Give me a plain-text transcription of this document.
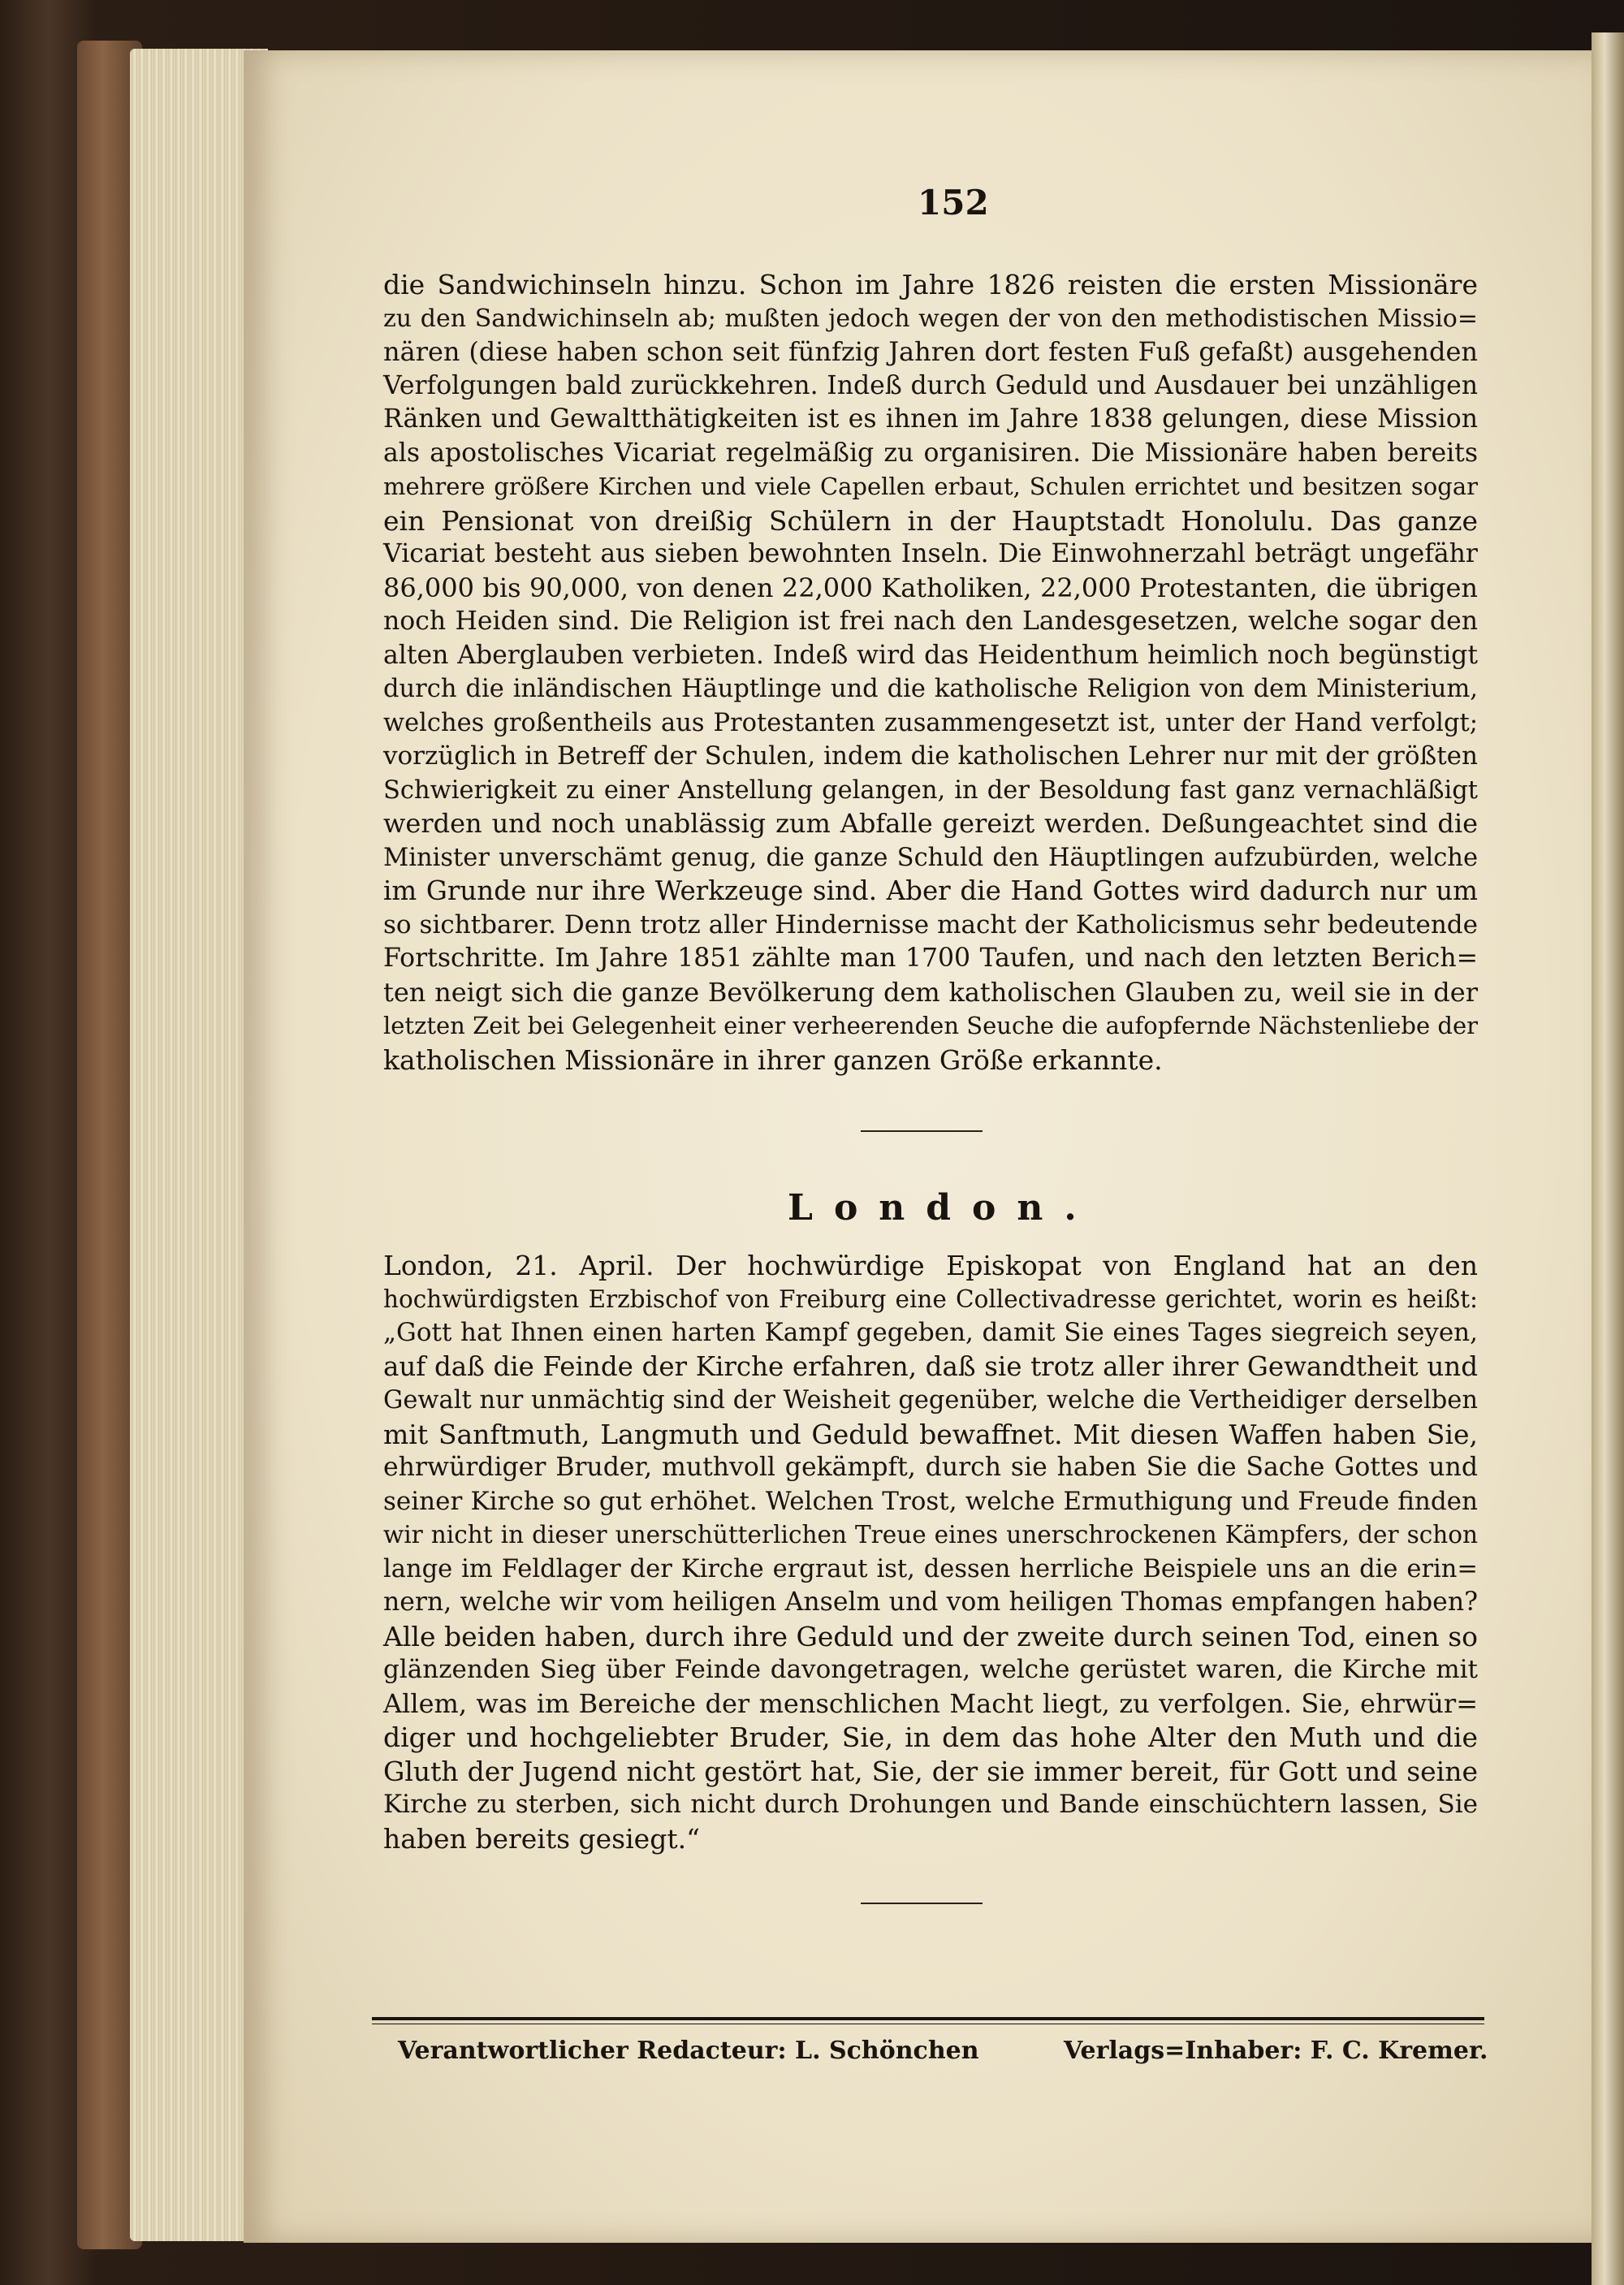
152
die Sandwichinseln hinzu. Schon im Jahre 1826 reisten die ersten Missionäre
zu den Sandwichinseln ab; mußten jedoch wegen der von den methodistischen Missio=
nären (diese haben schon seit fünfzig Jahren dort festen Fuß gefaßt) ausgehenden
Verfolgungen bald zurückkehren. Indeß durch Geduld und Ausdauer bei unzähligen
Ränken und Gewaltthätigkeiten ist es ihnen im Jahre 1838 gelungen, diese Mission
als apostolisches Vicariat regelmäßig zu organisiren. Die Missionäre haben bereits
mehrere größere Kirchen und viele Capellen erbaut, Schulen errichtet und besitzen sogar
ein Pensionat von dreißig Schülern in der Hauptstadt Honolulu. Das ganze
Vicariat besteht aus sieben bewohnten Inseln. Die Einwohnerzahl beträgt ungefähr
86,000 bis 90,000, von denen 22,000 Katholiken, 22,000 Protestanten, die übrigen
noch Heiden sind. Die Religion ist frei nach den Landesgesetzen, welche sogar den
alten Aberglauben verbieten. Indeß wird das Heidenthum heimlich noch begünstigt
durch die inländischen Häuptlinge und die katholische Religion von dem Ministerium,
welches großentheils aus Protestanten zusammengesetzt ist, unter der Hand verfolgt;
vorzüglich in Betreff der Schulen, indem die katholischen Lehrer nur mit der größten
Schwierigkeit zu einer Anstellung gelangen, in der Besoldung fast ganz vernachläßigt
werden und noch unablässig zum Abfalle gereizt werden. Deßungeachtet sind die
Minister unverschämt genug, die ganze Schuld den Häuptlingen aufzubürden, welche
im Grunde nur ihre Werkzeuge sind. Aber die Hand Gottes wird dadurch nur um
so sichtbarer. Denn trotz aller Hindernisse macht der Katholicismus sehr bedeutende
Fortschritte. Im Jahre 1851 zählte man 1700 Taufen, und nach den letzten Berich=
ten neigt sich die ganze Bevölkerung dem katholischen Glauben zu, weil sie in der
letzten Zeit bei Gelegenheit einer verheerenden Seuche die aufopfernde Nächstenliebe der
katholischen Missionäre in ihrer ganzen Größe erkannte.
London.
London, 21. April. Der hochwürdige Episkopat von England hat an den
hochwürdigsten Erzbischof von Freiburg eine Collectivadresse gerichtet, worin es heißt:
„Gott hat Ihnen einen harten Kampf gegeben, damit Sie eines Tages siegreich seyen,
auf daß die Feinde der Kirche erfahren, daß sie trotz aller ihrer Gewandtheit und
Gewalt nur unmächtig sind der Weisheit gegenüber, welche die Vertheidiger derselben
mit Sanftmuth, Langmuth und Geduld bewaffnet. Mit diesen Waffen haben Sie,
ehrwürdiger Bruder, muthvoll gekämpft, durch sie haben Sie die Sache Gottes und
seiner Kirche so gut erhöhet. Welchen Trost, welche Ermuthigung und Freude finden
wir nicht in dieser unerschütterlichen Treue eines unerschrockenen Kämpfers, der schon
lange im Feldlager der Kirche ergraut ist, dessen herrliche Beispiele uns an die erin=
nern, welche wir vom heiligen Anselm und vom heiligen Thomas empfangen haben?
Alle beiden haben, durch ihre Geduld und der zweite durch seinen Tod, einen so
glänzenden Sieg über Feinde davongetragen, welche gerüstet waren, die Kirche mit
Allem, was im Bereiche der menschlichen Macht liegt, zu verfolgen. Sie, ehrwür=
diger und hochgeliebter Bruder, Sie, in dem das hohe Alter den Muth und die
Gluth der Jugend nicht gestört hat, Sie, der sie immer bereit, für Gott und seine
Kirche zu sterben, sich nicht durch Drohungen und Bande einschüchtern lassen, Sie
haben bereits gesiegt.“
Verantwortlicher Redacteur: L. Schönchen	Verlags=Inhaber: F. C. Kremer.
